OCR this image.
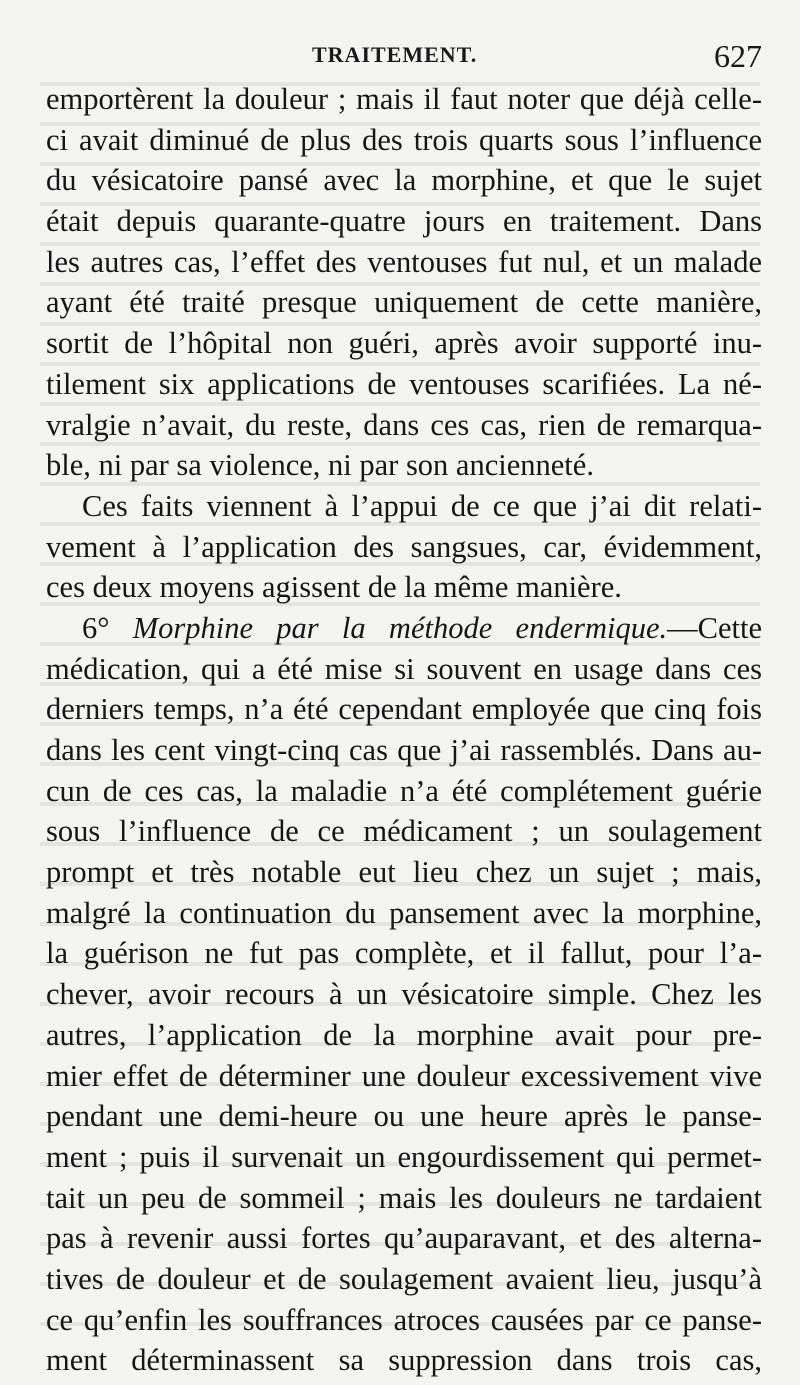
TRAITEMENT.	627
emportèrent la douleur ; mais il faut noter que déjà celle-
ci avait diminué de plus des trois quarts sous l’influence
du vésicatoire pansé avec la morphine, et que le sujet
était depuis quarante-quatre jours en traitement. Dans
les autres cas, l’effet des ventouses fut nul, et un malade
ayant été traité presque uniquement de cette manière,
sortit de l’hôpital non guéri, après avoir supporté inu-
tilement six applications de ventouses scarifiées. La né-
vralgie n’avait, du reste, dans ces cas, rien de remarqua-
ble, ni par sa violence, ni par son ancienneté.
Ces faits viennent à l’appui de ce que j’ai dit relati-
vement à l’application des sangsues, car, évidemment,
ces deux moyens agissent de la même manière.
6° Morphine par la méthode endermique.—Cette
médication, qui a été mise si souvent en usage dans ces
derniers temps, n’a été cependant employée que cinq fois
dans les cent vingt-cinq cas que j’ai rassemblés. Dans au-
cun de ces cas, la maladie n’a été complétement guérie
sous l’influence de ce médicament ; un soulagement
prompt et très notable eut lieu chez un sujet ; mais,
malgré la continuation du pansement avec la morphine,
la guérison ne fut pas complète, et il fallut, pour l’a-
chever, avoir recours à un vésicatoire simple. Chez les
autres, l’application de la morphine avait pour pre-
mier effet de déterminer une douleur excessivement vive
pendant une demi-heure ou une heure après le panse-
ment ; puis il survenait un engourdissement qui permet-
tait un peu de sommeil ; mais les douleurs ne tardaient
pas à revenir aussi fortes qu’auparavant, et des alterna-
tives de douleur et de soulagement avaient lieu, jusqu’à
ce qu’enfin les souffrances atroces causées par ce panse-
ment déterminassent sa suppression dans trois cas,
